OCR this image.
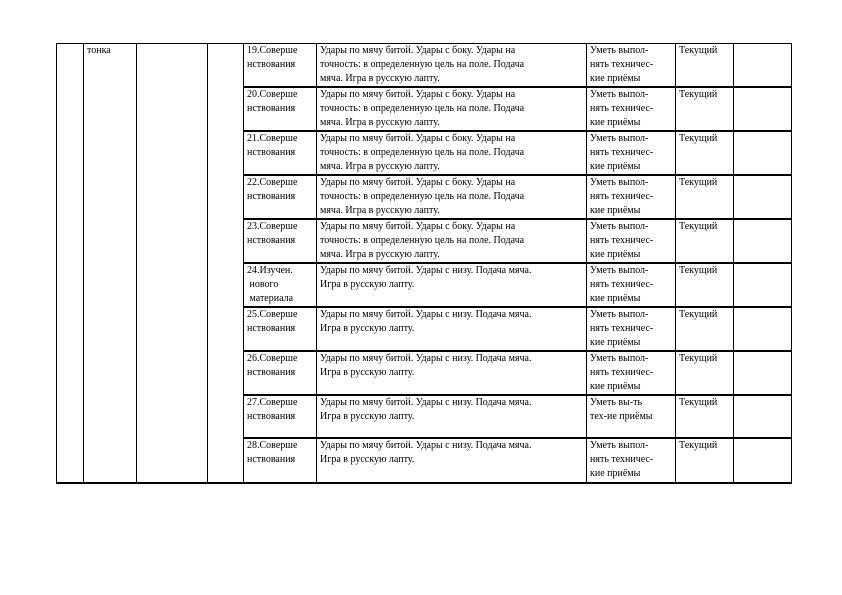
	тонка			19.Соверше
нствования	Удары по мячу битой. Удары с боку. Удары на
точность: в определенную цель на поле. Подача
мяча. Игра в русскую лапту.	Уметь выпол-
нять техничес-
кие приёмы	Текущий	

				20.Соверше
нствования	Удары по мячу битой. Удары с боку. Удары на
точность: в определенную цель на поле. Подача
мяча. Игра в русскую лапту.	Уметь выпол-
нять техничес-
кие приёмы	Текущий	

				21.Соверше
нствования	Удары по мячу битой. Удары с боку. Удары на
точность: в определенную цель на поле. Подача
мяча. Игра в русскую лапту.	Уметь выпол-
нять техничес-
кие приёмы	Текущий	

				22.Соверше
нствования	Удары по мячу битой. Удары с боку. Удары на
точность: в определенную цель на поле. Подача
мяча. Игра в русскую лапту.	Уметь выпол-
нять техничес-
кие приёмы	Текущий	

				23.Соверше
нствования	Удары по мячу битой. Удары с боку. Удары на
точность: в определенную цель на поле. Подача
мяча. Игра в русскую лапту.	Уметь выпол-
нять техничес-
кие приёмы	Текущий	

				24.Изучен.
нового
материала	Удары по мячу битой. Удары с низу. Подача мяча.
Игра в русскую лапту.	Уметь выпол-
нять техничес-
кие приёмы	Текущий	

				25.Соверше
нствования	Удары по мячу битой. Удары с низу. Подача мяча.
Игра в русскую лапту.	Уметь выпол-
нять техничес-
кие приёмы	Текущий	

				26.Соверше
нствования	Удары по мячу битой. Удары с низу. Подача мяча.
Игра в русскую лапту.	Уметь выпол-
нять техничес-
кие приёмы	Текущий	

				27.Соверше
нствования	Удары по мячу битой. Удары с низу. Подача мяча.
Игра в русскую лапту.	Уметь вы-ть
тех-ие приёмы	Текущий	

				28.Соверше
нствования	Удары по мячу битой. Удары с низу. Подача мяча.
Игра в русскую лапту.	Уметь выпол-
нять техничес-
кие приёмы	Текущий	
